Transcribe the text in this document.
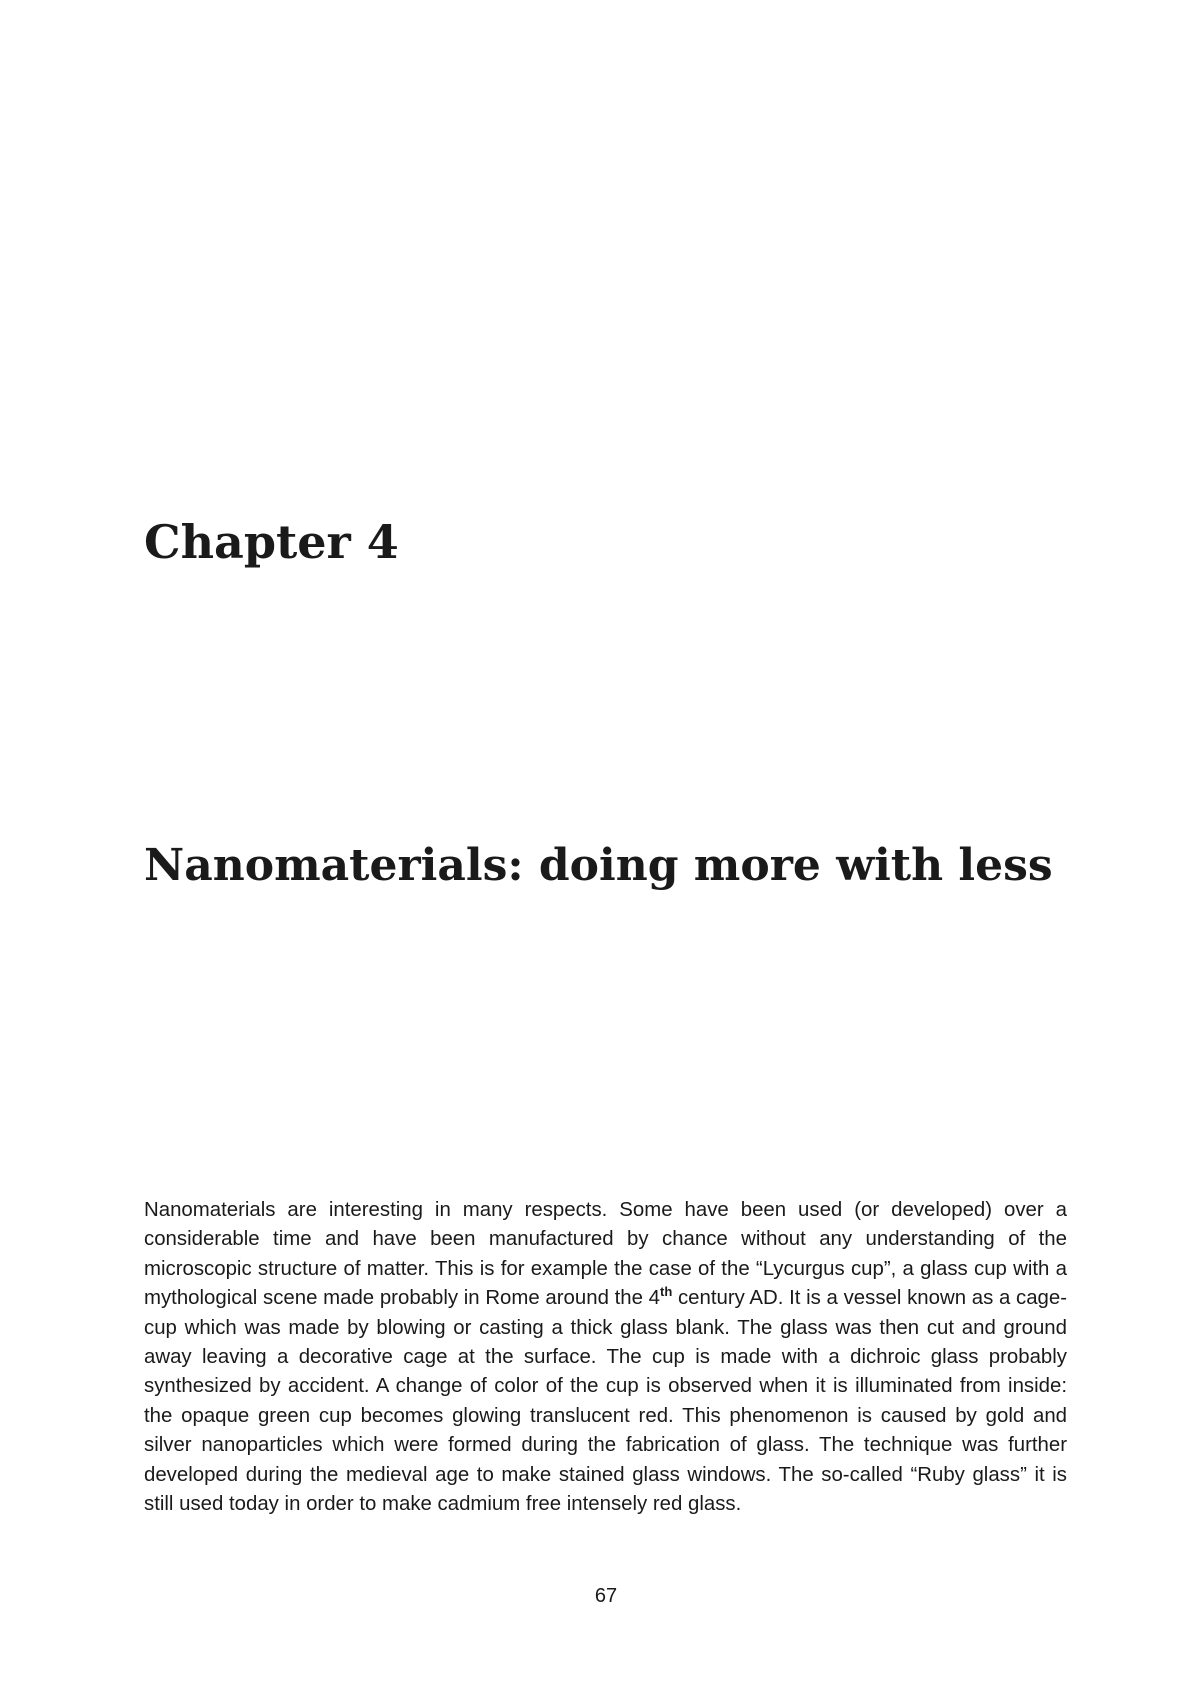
Chapter 4
Nanomaterials: doing more with less

Nanomaterials are interesting in many respects. Some have been used (or developed) over a considerable time and have been manufactured by chance without any understanding of the microscopic structure of matter. This is for example the case of the “Lycurgus cup”, a glass cup with a mythological scene made probably in Rome around the 4th century AD. It is a vessel known as a cage-cup which was made by blowing or casting a thick glass blank. The glass was then cut and ground away leaving a decorative cage at the surface. The cup is made with a dichroic glass probably synthesized by accident. A change of color of the cup is observed when it is illuminated from inside: the opaque green cup becomes glowing translucent red. This phenomenon is caused by gold and silver nanoparticles which were formed during the fabrication of glass. The technique was further developed during the medieval age to make stained glass windows. The so-called “Ruby glass” it is still used today in order to make cadmium free intensely red glass.

67
